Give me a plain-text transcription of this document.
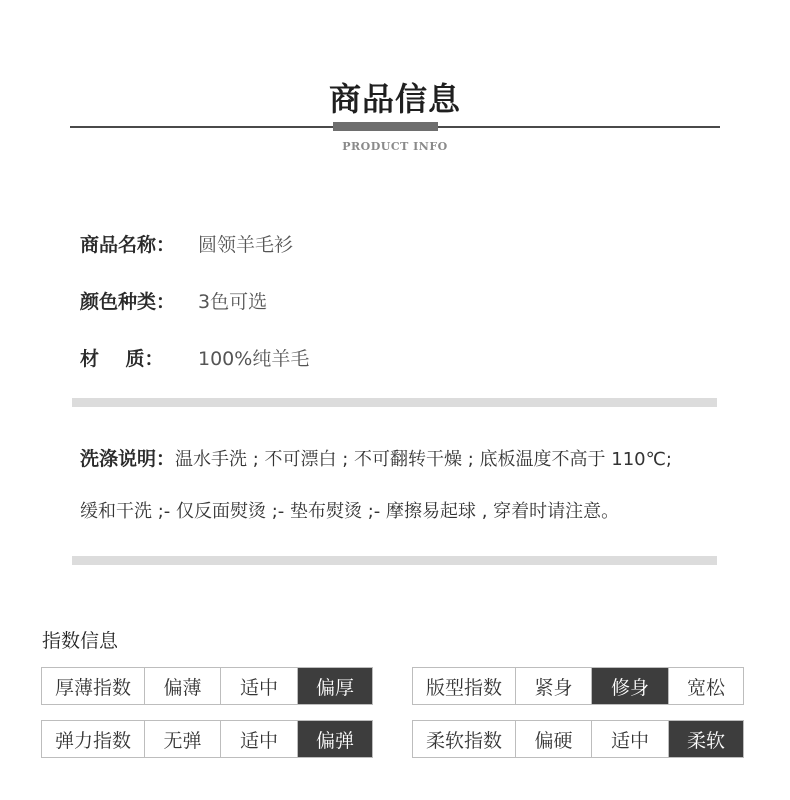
商品信息
PRODUCT INFO
商品名称：	圆领羊毛衫
颜色种类：	3色可选
材    质：	100%纯羊毛
洗涤说明：温水手洗 ; 不可漂白 ; 不可翻转干燥 ; 底板温度不高于 110℃;
缓和干洗 ;- 仅反面熨烫 ;- 垫布熨烫 ;- 摩擦易起球 , 穿着时请注意。
指数信息
厚薄指数	偏薄	适中	偏厚	版型指数	紧身	修身	宽松
弹力指数	无弹	适中	偏弹	柔软指数	偏硬	适中	柔软
